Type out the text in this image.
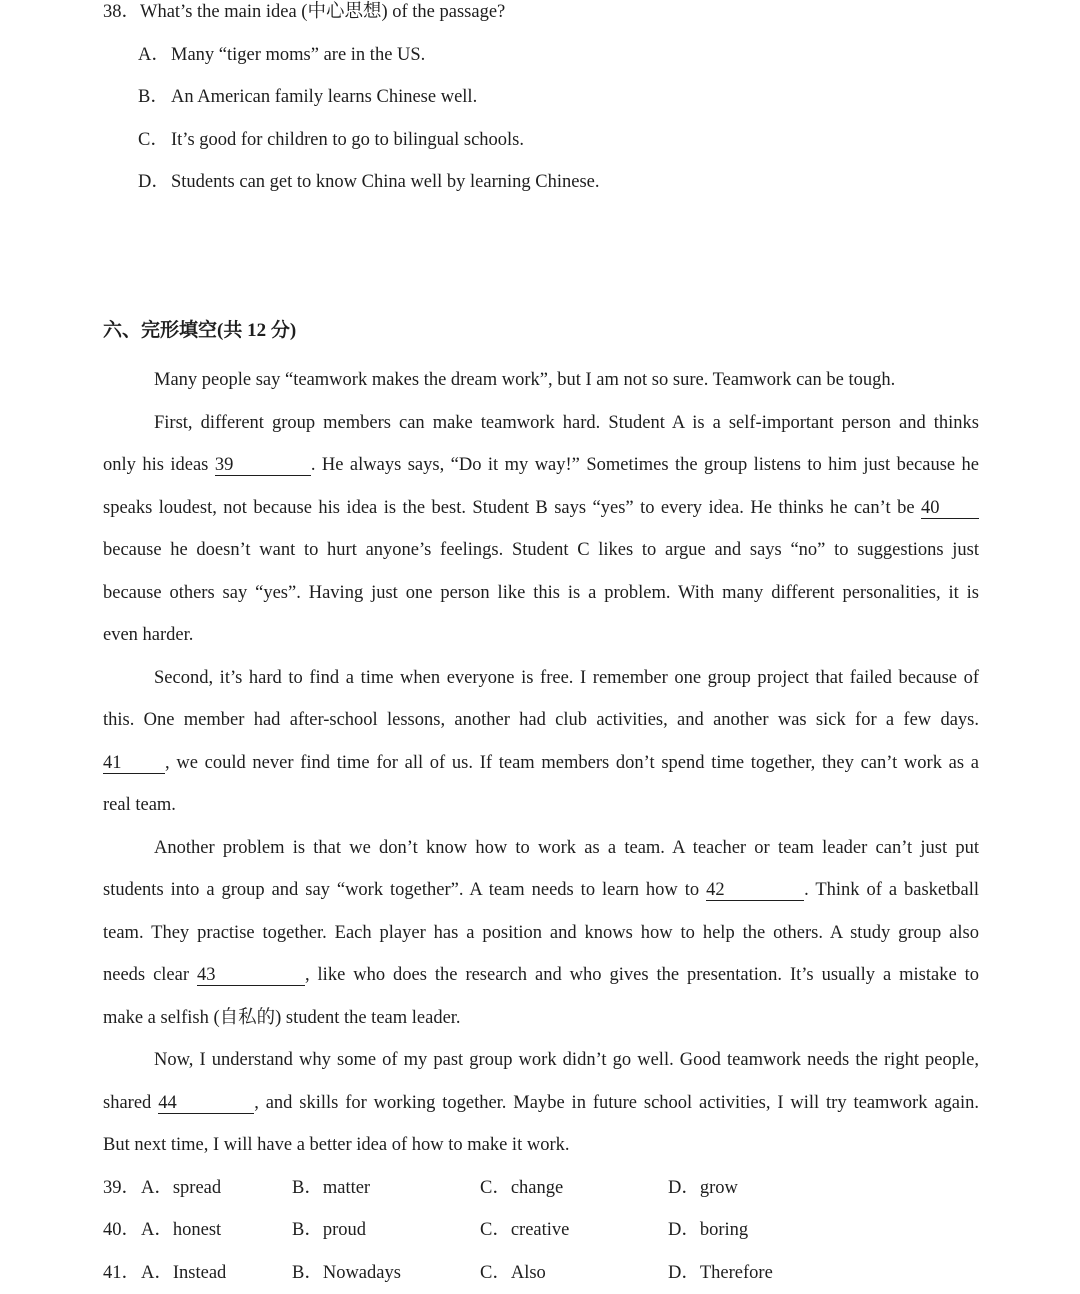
38．What’s the main idea (中心思想) of the passage?
A．Many “tiger moms” are in the US.
B． An American family learns Chinese well.
C． It’s good for children to go to bilingual schools.
D．Students can get to know China well by learning Chinese.
六、完形填空(共 12 分)
Many people say “teamwork makes the dream work”, but I am not so sure. Teamwork can be tough.
First, different group members can make teamwork hard. Student A is a self-important person and thinks
only his ideas 39	. He always says, “Do it my way!” Sometimes the group listens to him just because he
speaks loudest, not because his idea is the best. Student B says “yes” to every idea. He thinks he can’t be 40
because he doesn’t want to hurt anyone’s feelings. Student C likes to argue and says “no” to suggestions just
because others say “yes”. Having just one person like this is a problem. With many different personalities, it is
even harder.
Second, it’s hard to find a time when everyone is free. I remember one group project that failed because of
this. One member had after-school lessons, another had club activities, and another was sick for a few days.
41 , we could never find time for all of us. If team members don’t spend time together, they can’t work as a
real team.
Another problem is that we don’t know how to work as a team. A teacher or team leader can’t just put
students into a group and say “work together”. A team needs to learn how to 42	. Think of a basketball
team. They practise together. Each player has a position and knows how to help the others. A study group also
needs clear 43	, like who does the research and who gives the presentation. It’s usually a mistake to
make a selfish (自私的) student the team leader.
Now, I understand why some of my past group work didn’t go well. Good teamwork needs the right people,
shared 44	, and skills for working together. Maybe in future school activities, I will try teamwork again.
But next time, I will have a better idea of how to make it work.
39． A．spread	B．matter	C．change	D．grow
40． A．honest	B．proud	C．creative	D．boring
41． A．Instead	B．Nowadays	C．Also	D．Therefore
